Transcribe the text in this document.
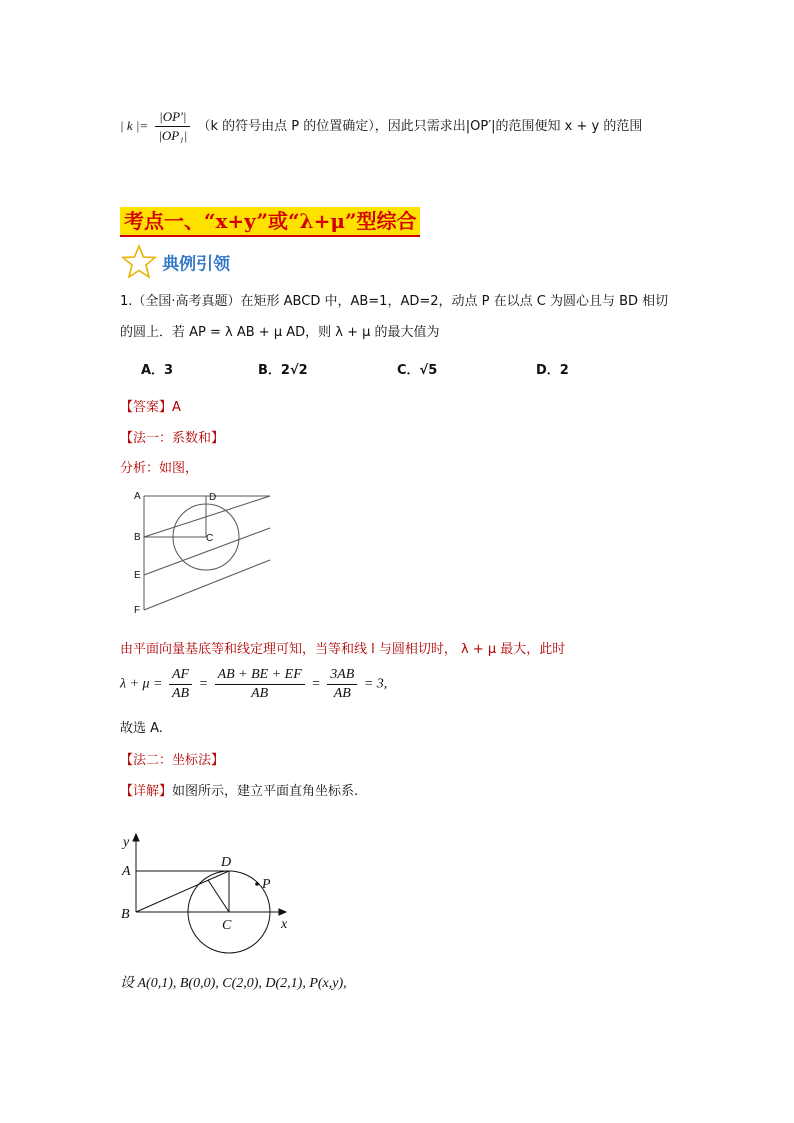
| k |= $\frac{|OP'|}{\text{|OP₁|}} (k$ 的符号由点 P 的位置确定），因此只需求出|OP′|的范围便知 x + y 的范围
考点一、“x+y”或“λ+μ”型综合
典例引领
1.（全国·高考真题）在矩形 ABCD 中，AB=1，AD=2，动点 P 在以点 C 为圆心且与 BD 相切
的圆上．若 AP = λ AB + μ AD，则 λ + μ 的最大值为
A．3	B．2√2	C．√5	D．2
【答案】A
【法一：系数和】
分析：如图，
A	D
B	C
E
F
由平面向量基底等和线定理可知，当等和线 l 与圆相切时， λ + μ 最大，此时
$\lambda + \mu = \frac{AF}{AB} = \frac{AB + BE + EF}{AB} = \frac{3AB}{AB} = 3$,
故选 A.
【法二：坐标法】
【详解】如图所示，建立平面直角坐标系.
y
A
D
P
B
C	x
设 A(0,1), B(0,0), C(2,0), D(2,1), P(x,y),
